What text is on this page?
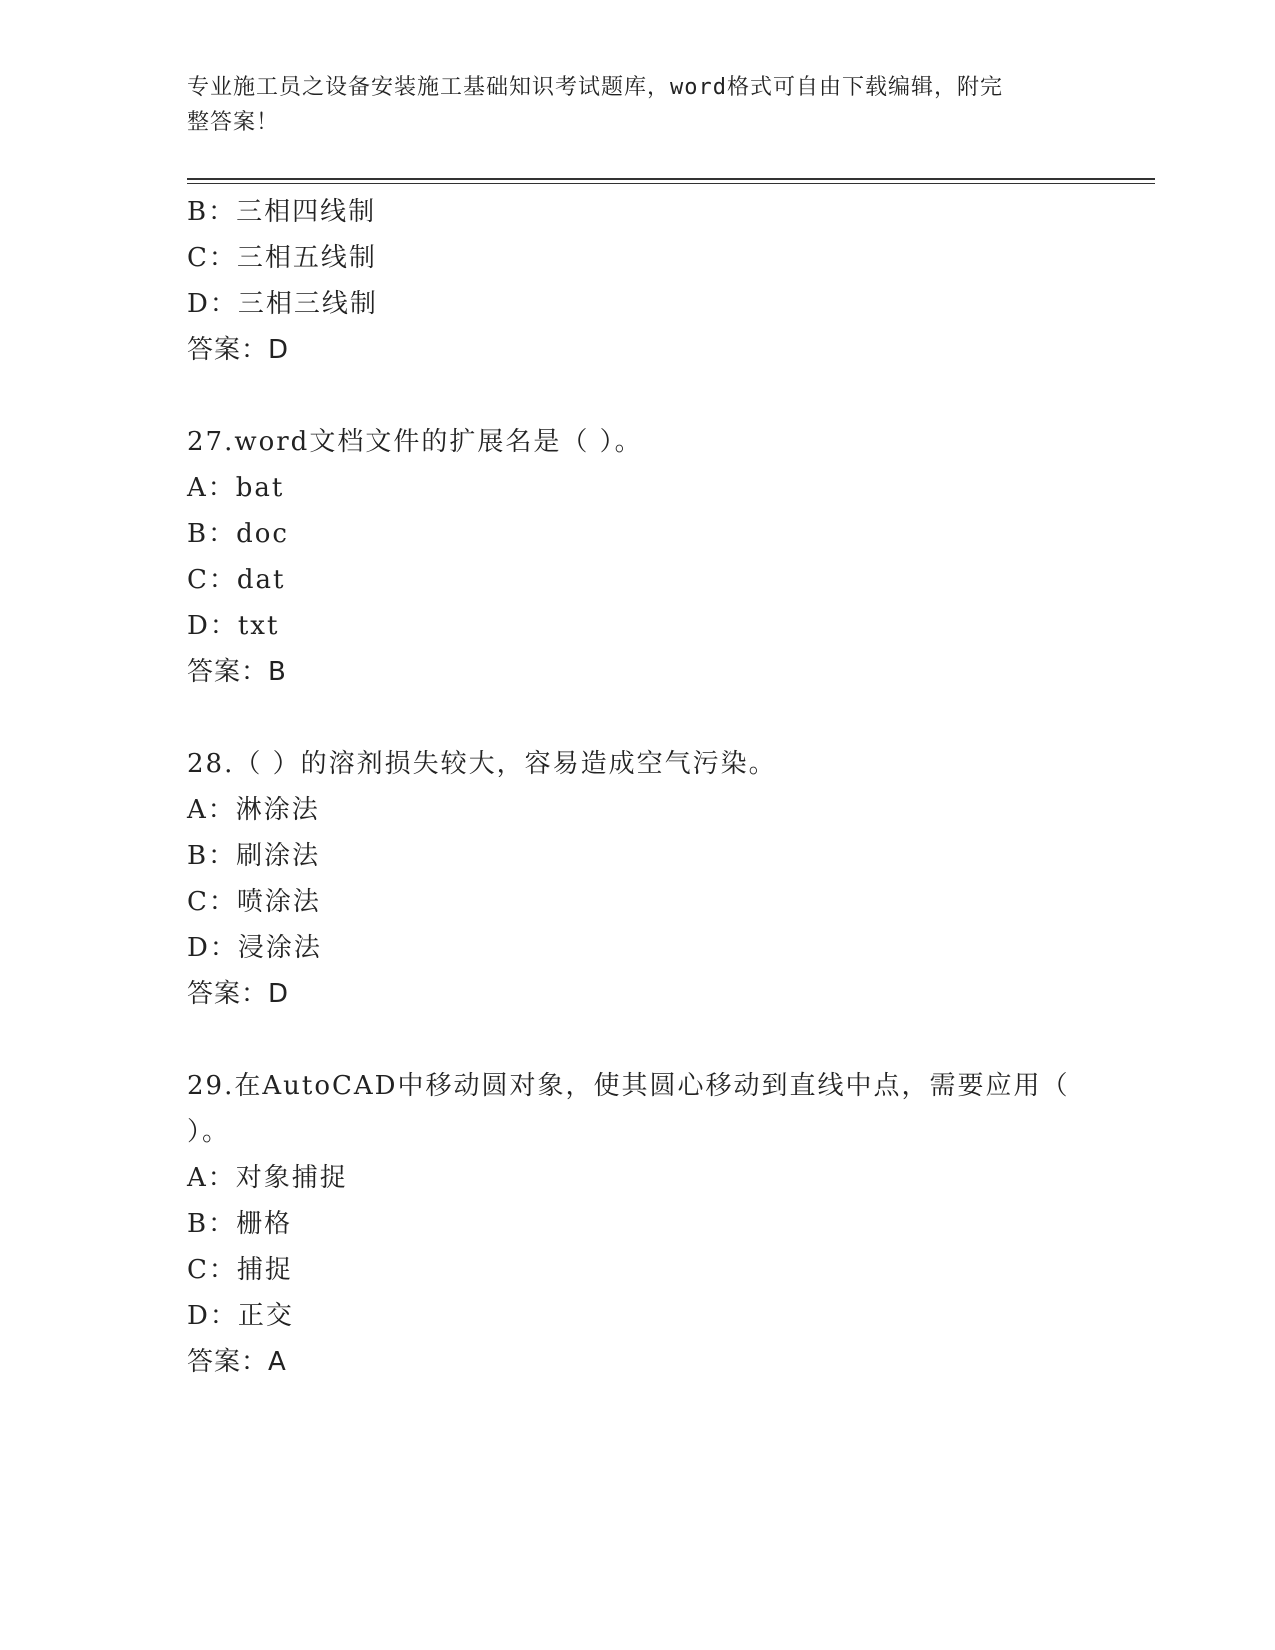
专业施工员之设备安装施工基础知识考试题库，word格式可自由下载编辑，附完
整答案！
B：三相四线制
C：三相五线制
D：三相三线制
答案：D
27.word文档文件的扩展名是（ ）。
A：bat
B：doc
C：dat
D：txt
答案：B
28.（ ）的溶剂损失较大，容易造成空气污染。
A：淋涂法
B：刷涂法
C：喷涂法
D：浸涂法
答案：D
29.在AutoCAD中移动圆对象，使其圆心移动到直线中点，需要应用（
）。
A：对象捕捉
B：栅格
C：捕捉
D：正交
答案：A
